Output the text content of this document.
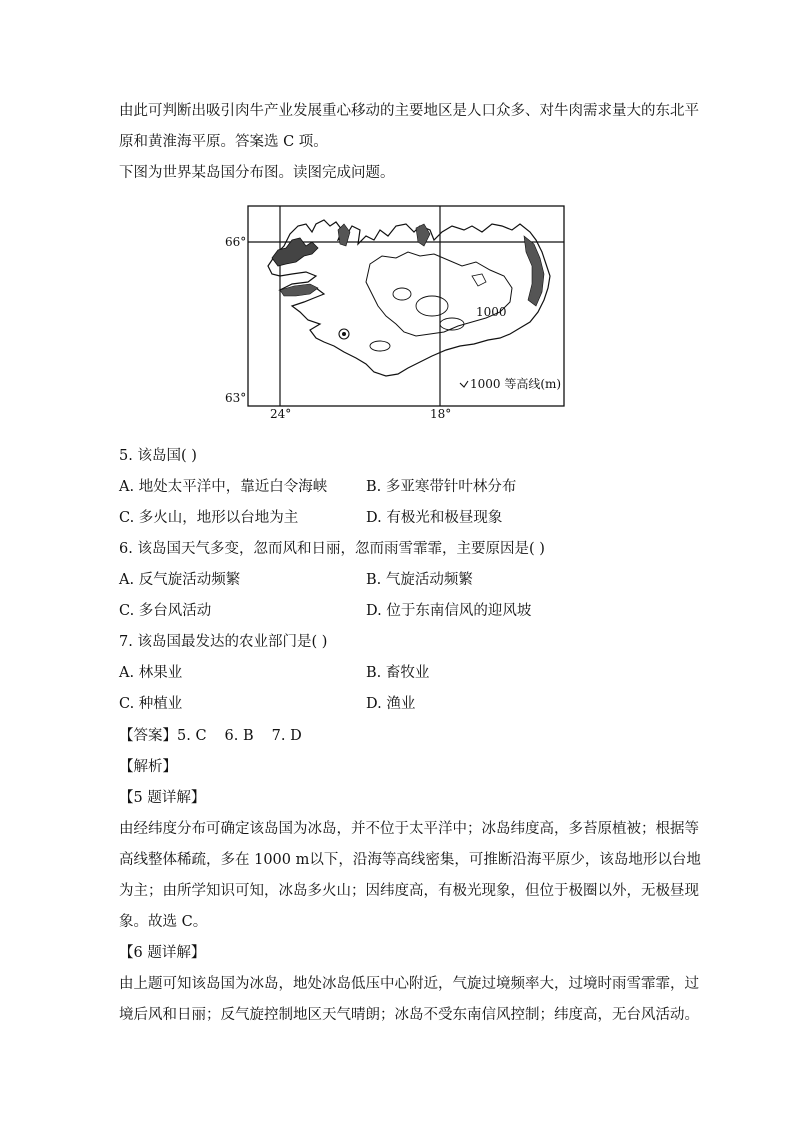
由此可判断出吸引肉牛产业发展重心移动的主要地区是人口众多、对牛肉需求量大的东北平
原和黄淮海平原。答案选 C 项。
下图为世界某岛国分布图。读图完成问题。
66°
63°
24°	18°
1000
1000 等高线(m)
5. 该岛国( )
A. 地处太平洋中，靠近白令海峡	B. 多亚寒带针叶林分布
C. 多火山，地形以台地为主	D. 有极光和极昼现象
6. 该岛国天气多变，忽而风和日丽，忽而雨雪霏霏，主要原因是( )
A. 反气旋活动频繁	B. 气旋活动频繁
C. 多台风活动	D. 位于东南信风的迎风坡
7. 该岛国最发达的农业部门是( )
A. 林果业	B. 畜牧业
C. 种植业	D. 渔业
【答案】5. C 6. B 7. D
【解析】
【5 题详解】
由经纬度分布可确定该岛国为冰岛，并不位于太平洋中；冰岛纬度高，多苔原植被；根据等
高线整体稀疏，多在 1000 m以下，沿海等高线密集，可推断沿海平原少，该岛地形以台地
为主；由所学知识可知，冰岛多火山；因纬度高，有极光现象，但位于极圈以外，无极昼现
象。故选 C。
【6 题详解】
由上题可知该岛国为冰岛，地处冰岛低压中心附近，气旋过境频率大，过境时雨雪霏霏，过
境后风和日丽；反气旋控制地区天气晴朗；冰岛不受东南信风控制；纬度高，无台风活动。
